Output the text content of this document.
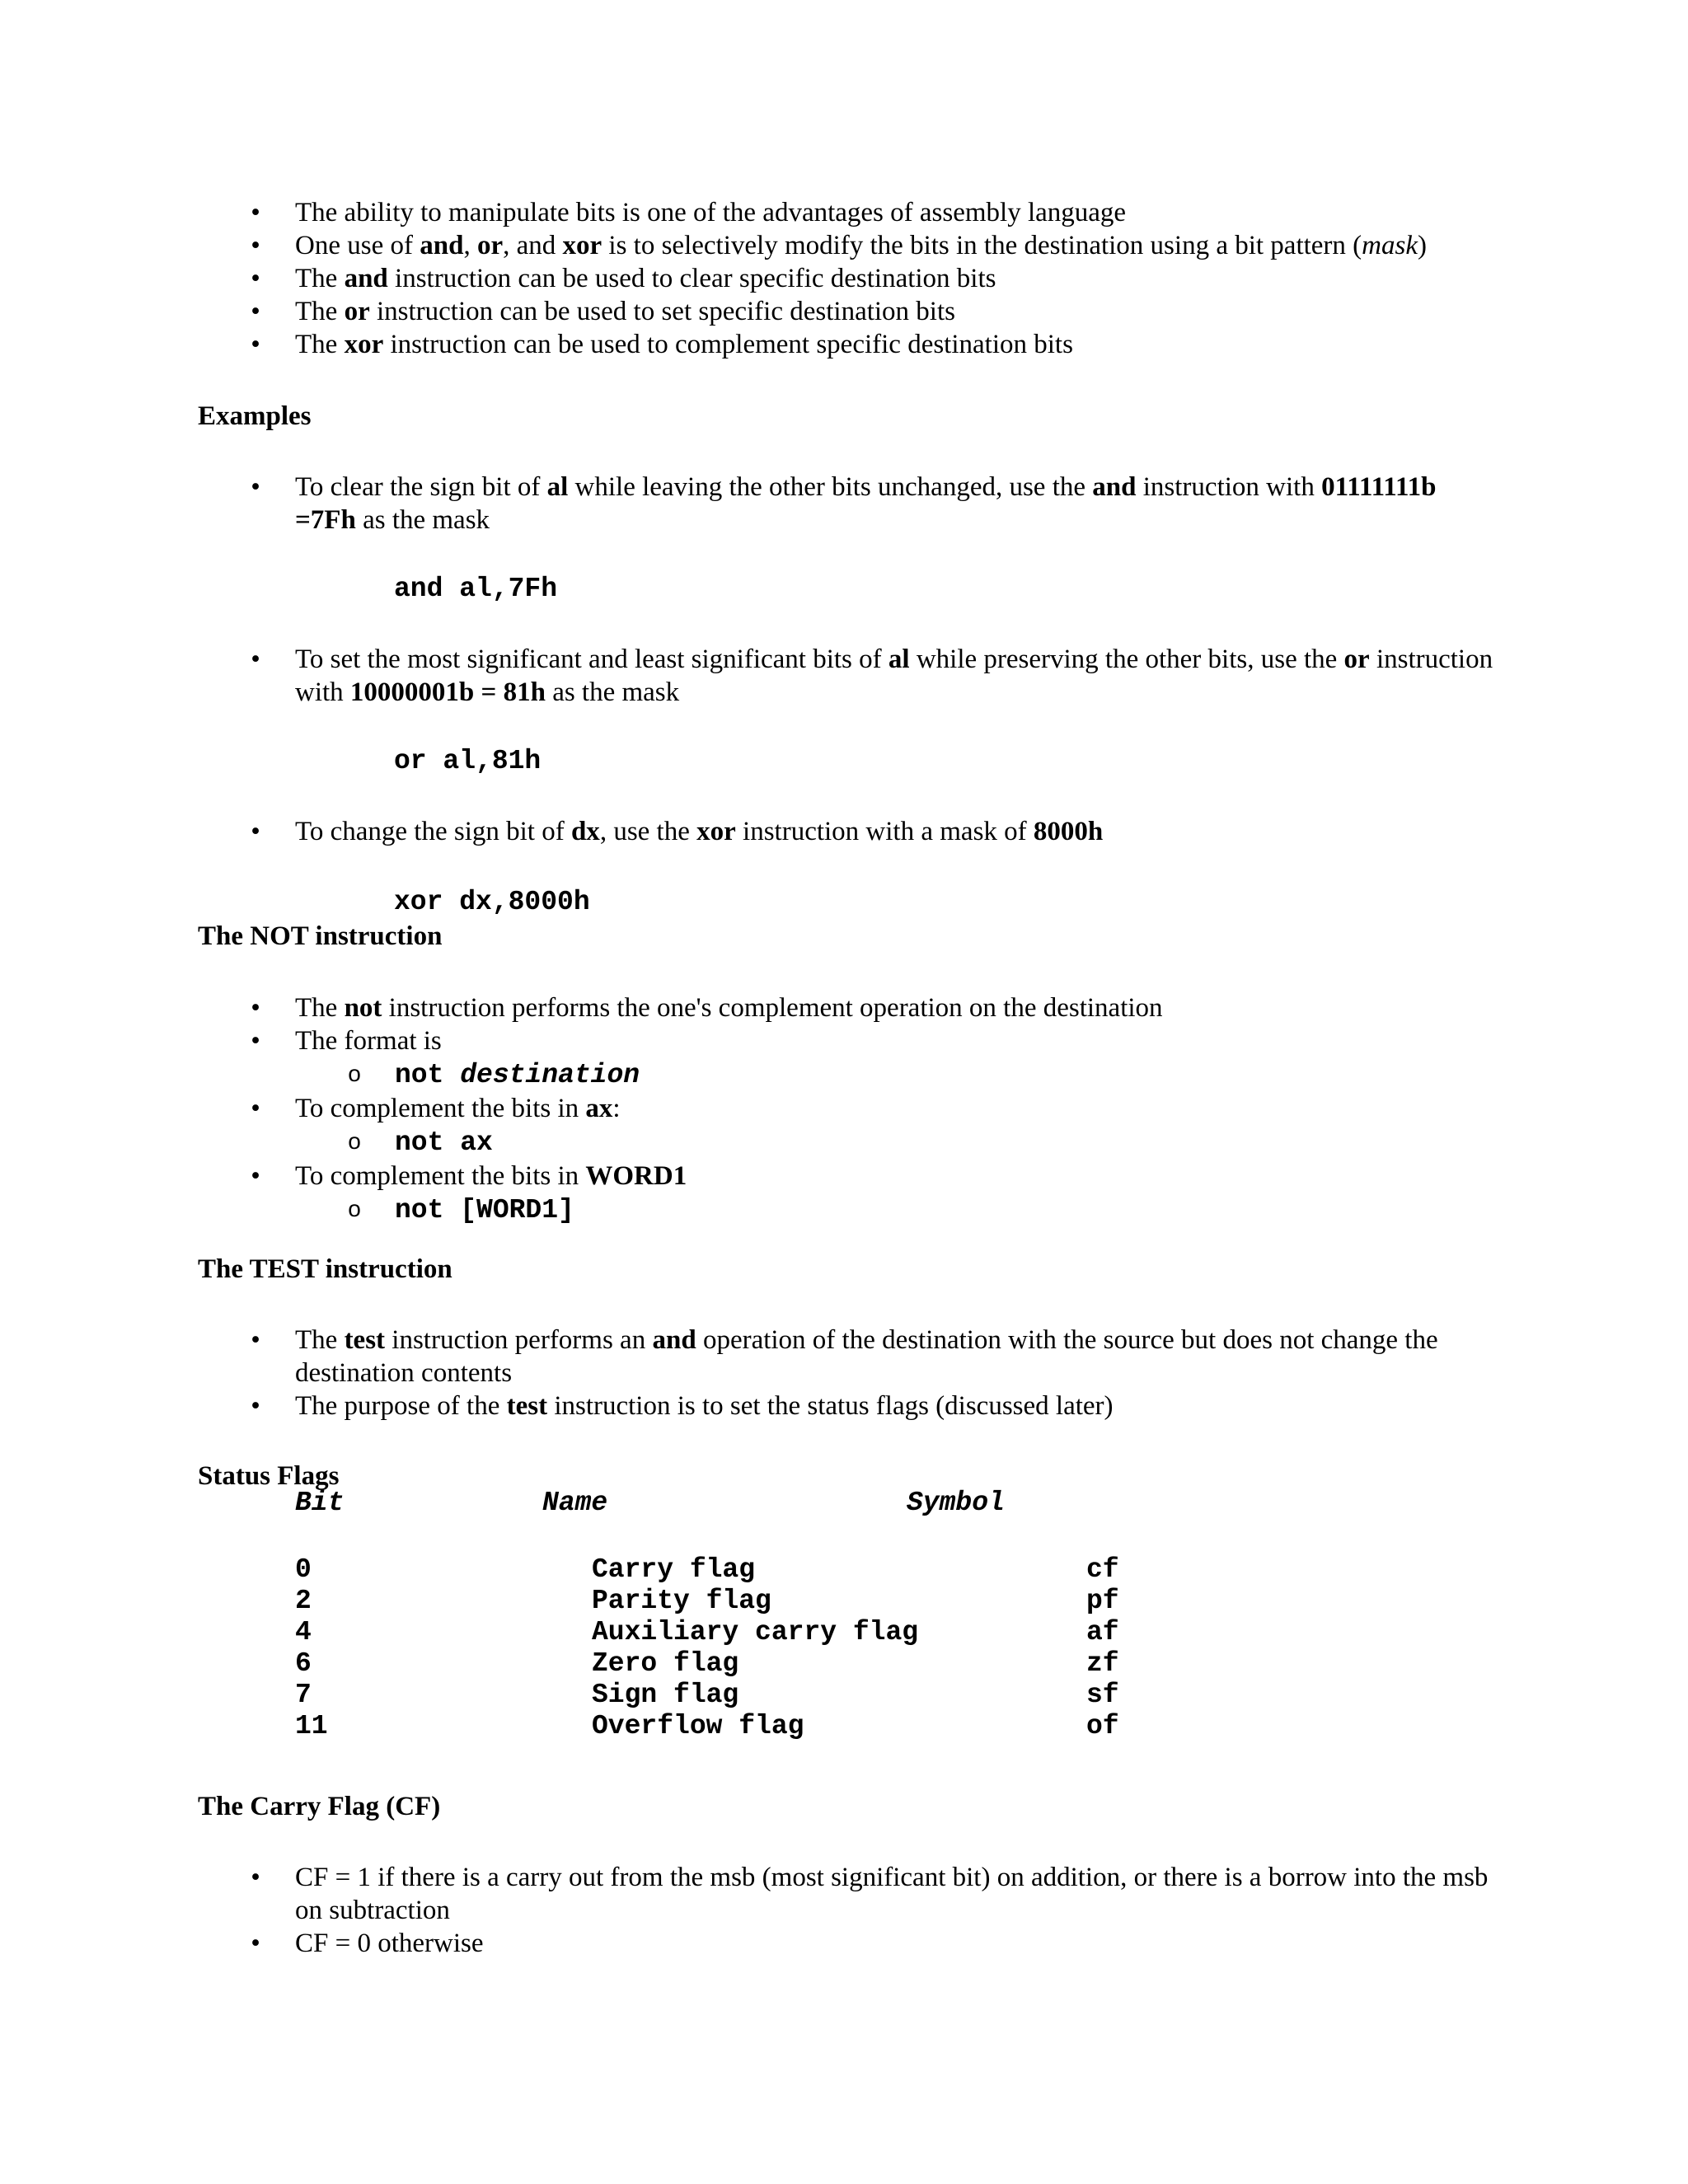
• The ability to manipulate bits is one of the advantages of assembly language
• One use of and, or, and xor is to selectively modify the bits in the destination using a bit pattern (mask)
• The and instruction can be used to clear specific destination bits
• The or instruction can be used to set specific destination bits
• The xor instruction can be used to complement specific destination bits
Examples
• To clear the sign bit of al while leaving the other bits unchanged, use the and instruction with 01111111b =7Fh as the mask
and al,7Fh
• To set the most significant and least significant bits of al while preserving the other bits, use the or instruction with 10000001b = 81h as the mask
or al,81h
• To change the sign bit of dx, use the xor instruction with a mask of 8000h
xor dx,8000h
The NOT instruction
• The not instruction performs the one's complement operation on the destination
• The format is
o not destination
• To complement the bits in ax:
o not ax
• To complement the bits in WORD1
o not [WORD1]
The TEST instruction
• The test instruction performs an and operation of the destination with the source but does not change the destination contents
• The purpose of the test instruction is to set the status flags (discussed later)
Status Flags
Bit	Name	Symbol
0	Carry flag	cf
2	Parity flag	pf
4	Auxiliary carry flag	af
6	Zero flag	zf
7	Sign flag	sf
11	Overflow flag	of
The Carry Flag (CF)
• CF = 1 if there is a carry out from the msb (most significant bit) on addition, or there is a borrow into the msb on subtraction
• CF = 0 otherwise
